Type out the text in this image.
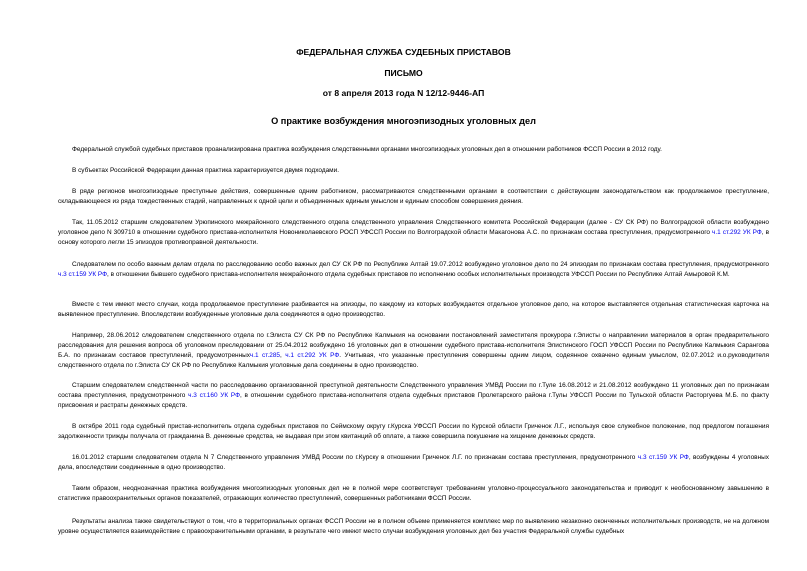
ФЕДЕРАЛЬНАЯ СЛУЖБА СУДЕБНЫХ ПРИСТАВОВ
ПИСЬМО
от 8 апреля 2013 года N 12/12-9446-АП
О практике возбуждения многоэпизодных уголовных дел
Федеральной службой судебных приставов проанализирована практика возбуждения следственными органами многоэпизодных уголовных дел в отношении работников ФССП России в 2012 году.
В субъектах Российской Федерации данная практика характеризуется двумя подходами.
В ряде регионов многоэпизодные преступные действия, совершенные одним работником, рассматриваются следственными органами в соответствии с действующим законодательством как продолжаемое преступление, складывающееся из ряда тождественных стадий, направленных к одной цели и объединенных единым умыслом и единым способом совершения деяния.
Так, 11.05.2012 старшим следователем Урюпинского межрайонного следственного отдела следственного управления Следственного комитета Российской Федерации (далее - СУ СК РФ) по Волгоградской области возбуждено уголовное дело N 309710 в отношении судебного пристава-исполнителя Новониколаевского РОСП УФССП России по Волгоградской области Макагонова А.С. по признакам состава преступления, предусмотренного ч.1 ст.292 УК РФ, в основу которого легли 15 эпизодов противоправной деятельности.
Следователем по особо важным делам отдела по расследованию особо важных дел СУ СК РФ по Республике Алтай 19.07.2012 возбуждено уголовное дело по 24 эпизодам по признакам состава преступления, предусмотренного ч.3 ст.159 УК РФ, в отношении бывшего судебного пристава-исполнителя межрайонного отдела судебных приставов по исполнению особых исполнительных производств УФССП России по Республике Алтай Амыровой К.М.
Вместе с тем имеют место случаи, когда продолжаемое преступление разбивается на эпизоды, по каждому из которых возбуждается отдельное уголовное дело, на которое выставляется отдельная статистическая карточка на выявленное преступление. Впоследствии возбужденные уголовные дела соединяются в одно производство.
Например, 28.06.2012 следователем следственного отдела по г.Элиста СУ СК РФ по Республике Калмыкия на основании постановлений заместителя прокурора г.Элисты о направлении материалов в орган предварительного расследования для решения вопроса об уголовном преследовании от 25.04.2012 возбуждено 16 уголовных дел в отношении судебного пристава-исполнителя Элистинского ГОСП УФССП России по Республике Калмыкия Сарангова Б.А. по признакам составов преступлений, предусмотренныхч.1 ст.285, ч.1 ст.292 УК РФ. Учитывая, что указанные преступления совершены одним лицом, содеянное охвачено единым умыслом, 02.07.2012 и.о.руководителя следственного отдела по г.Элиста СУ СК РФ по Республике Калмыкия уголовные дела соединены в одно производство.
Старшим следователем следственной части по расследованию организованной преступной деятельности Следственного управления УМВД России по г.Туле 16.08.2012 и 21.08.2012 возбуждено 11 уголовных дел по признакам состава преступления, предусмотренного ч.3 ст.160 УК РФ, в отношении судебного пристава-исполнителя отдела судебных приставов Пролетарского района г.Тулы УФССП России по Тульской области Расторгуева М.Б. по факту присвоения и растраты денежных средств.
В октябре 2011 года судебный пристав-исполнитель отдела судебных приставов по Сеймскому округу г.Курска УФССП России по Курской области Гриченок Л.Г., используя свое служебное положение, под предлогом погашения задолженности трижды получала от гражданина В. денежные средства, не выдавая при этом квитанций об оплате, а также совершила покушение на хищение денежных средств.
16.01.2012 старшим следователем отдела N 7 Следственного управления УМВД России по г.Курску в отношении Гриченок Л.Г. по признакам состава преступления, предусмотренного ч.3 ст.159 УК РФ, возбуждены 4 уголовных дела, впоследствии соединенные в одно производство.
Таким образом, неоднозначная практика возбуждения многоэпизодных уголовных дел не в полной мере соответствует требованиям уголовно-процессуального законодательства и приводит к необоснованному завышению в статистике правоохранительных органов показателей, отражающих количество преступлений, совершенных работниками ФССП России.
Результаты анализа также свидетельствуют о том, что в территориальных органах ФССП России не в полном объеме применяется комплекс мер по выявлению незаконно оконченных исполнительных производств, не на должном уровне осуществляется взаимодействие с правоохранительными органами, в результате чего имеют место случаи возбуждения уголовных дел без участия Федеральной службы судебных
